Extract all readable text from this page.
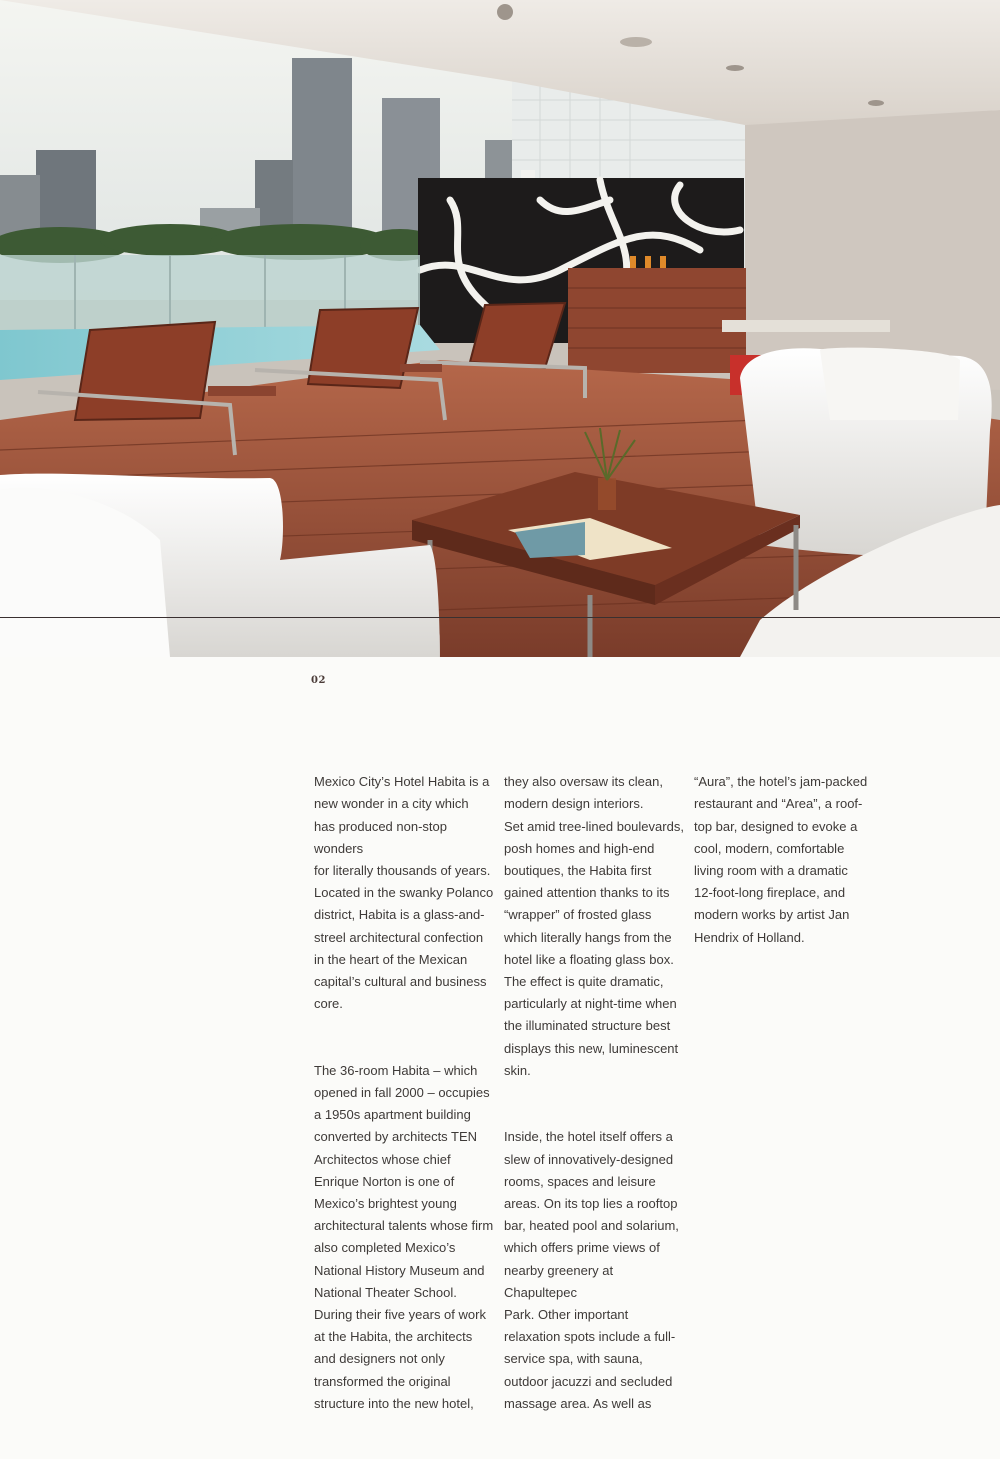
02

Mexico City’s Hotel Habita is a
new wonder in a city which
has produced non-stop wonders
for literally thousands of years.
Located in the swanky Polanco
district, Habita is a glass-and-
streel architectural confection
in the heart of the Mexican
capital’s cultural and business
core.

The 36-room Habita – which
opened in fall 2000 – occupies
a 1950s apartment building
converted by architects TEN
Architectos whose chief
Enrique Norton is one of
Mexico’s brightest young
architectural talents whose firm
also completed Mexico’s
National History Museum and
National Theater School.
During their five years of work
at the Habita, the architects
and designers not only
transformed the original
structure into the new hotel,

they also oversaw its clean,
modern design interiors.
Set amid tree-lined boulevards,
posh homes and high-end
boutiques, the Habita first
gained attention thanks to its
“wrapper” of frosted glass
which literally hangs from the
hotel like a floating glass box.
The effect is quite dramatic,
particularly at night-time when
the illuminated structure best
displays this new, luminescent
skin.

Inside, the hotel itself offers a
slew of innovatively-designed
rooms, spaces and leisure
areas. On its top lies a rooftop
bar, heated pool and solarium,
which offers prime views of
nearby greenery at Chapultepec
Park. Other important
relaxation spots include a full-
service spa, with sauna,
outdoor jacuzzi and secluded
massage area. As well as

“Aura”, the hotel’s jam-packed
restaurant and “Area”, a roof-
top bar, designed to evoke a
cool, modern, comfortable
living room with a dramatic
12-foot-long fireplace, and
modern works by artist Jan
Hendrix of Holland.
